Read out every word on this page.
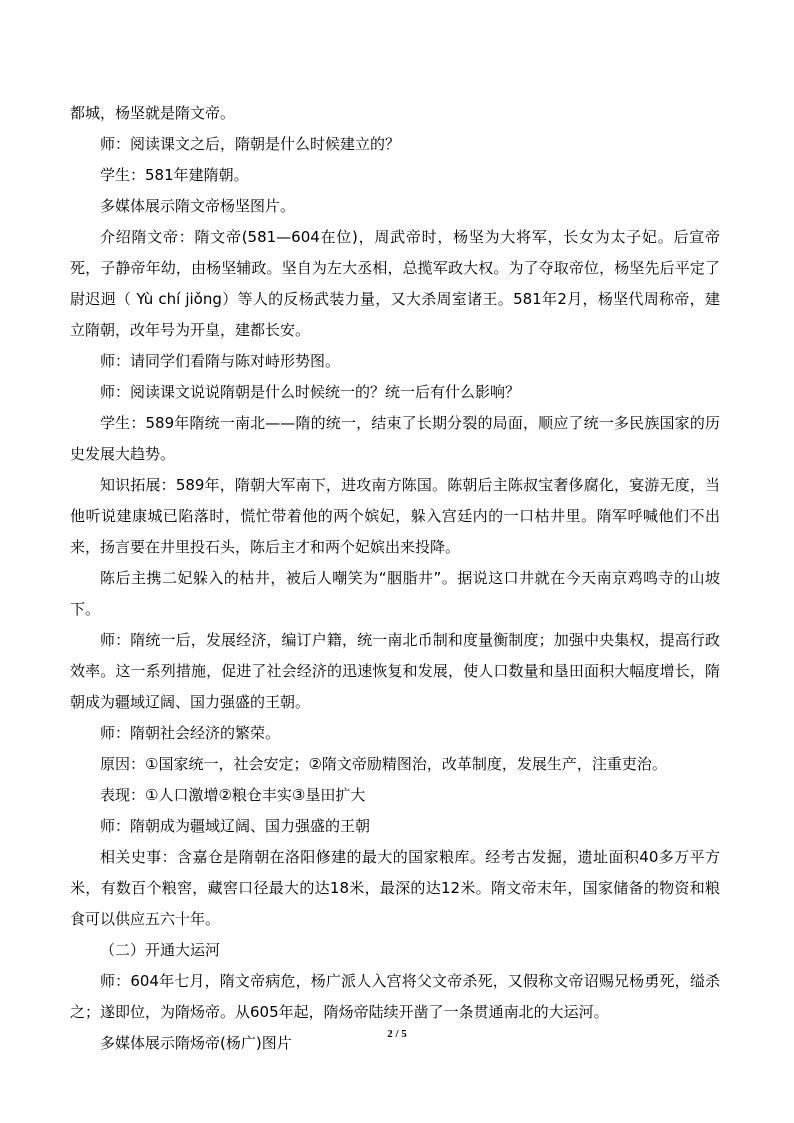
都城，杨坚就是隋文帝。

师：阅读课文之后，隋朝是什么时候建立的？

学生：581年建隋朝。

多媒体展示隋文帝杨坚图片。

介绍隋文帝：隋文帝(581—604在位)，周武帝时，杨坚为大将军，长女为太子妃。后宣帝死，子静帝年幼，由杨坚辅政。坚自为左大丞相，总揽军政大权。为了夺取帝位，杨坚先后平定了尉迟迥（ Yù chí jiǒng）等人的反杨武装力量，又大杀周室诸王。581年2月，杨坚代周称帝，建立隋朝，改年号为开皇，建都长安。

师：请同学们看隋与陈对峙形势图。

师：阅读课文说说隋朝是什么时候统一的？统一后有什么影响？

学生：589年隋统一南北——隋的统一，结束了长期分裂的局面，顺应了统一多民族国家的历史发展大趋势。

知识拓展：589年，隋朝大军南下，进攻南方陈国。陈朝后主陈叔宝奢侈腐化，宴游无度，当他听说建康城已陷落时，慌忙带着他的两个嫔妃，躲入宫廷内的一口枯井里。隋军呼喊他们不出来，扬言要在井里投石头，陈后主才和两个妃嫔出来投降。

陈后主携二妃躲入的枯井，被后人嘲笑为“胭脂井”。据说这口井就在今天南京鸡鸣寺的山坡下。

师：隋统一后，发展经济，编订户籍，统一南北币制和度量衡制度；加强中央集权，提高行政效率。这一系列措施，促进了社会经济的迅速恢复和发展，使人口数量和垦田面积大幅度增长，隋朝成为疆域辽阔、国力强盛的王朝。

师：隋朝社会经济的繁荣。

原因：①国家统一，社会安定；②隋文帝励精图治，改革制度，发展生产，注重吏治。

表现：①人口激增②粮仓丰实③垦田扩大

师：隋朝成为疆域辽阔、国力强盛的王朝

相关史事：含嘉仓是隋朝在洛阳修建的最大的国家粮库。经考古发掘，遗址面积40多万平方米，有数百个粮窖，藏窖口径最大的达18米，最深的达12米。隋文帝末年，国家储备的物资和粮食可以供应五六十年。

（二）开通大运河

师：604年七月，隋文帝病危，杨广派人入宫将父文帝杀死，又假称文帝诏赐兄杨勇死，缢杀之；遂即位，为隋炀帝。从605年起，隋炀帝陆续开凿了一条贯通南北的大运河。

多媒体展示隋炀帝(杨广)图片	2 / 5
